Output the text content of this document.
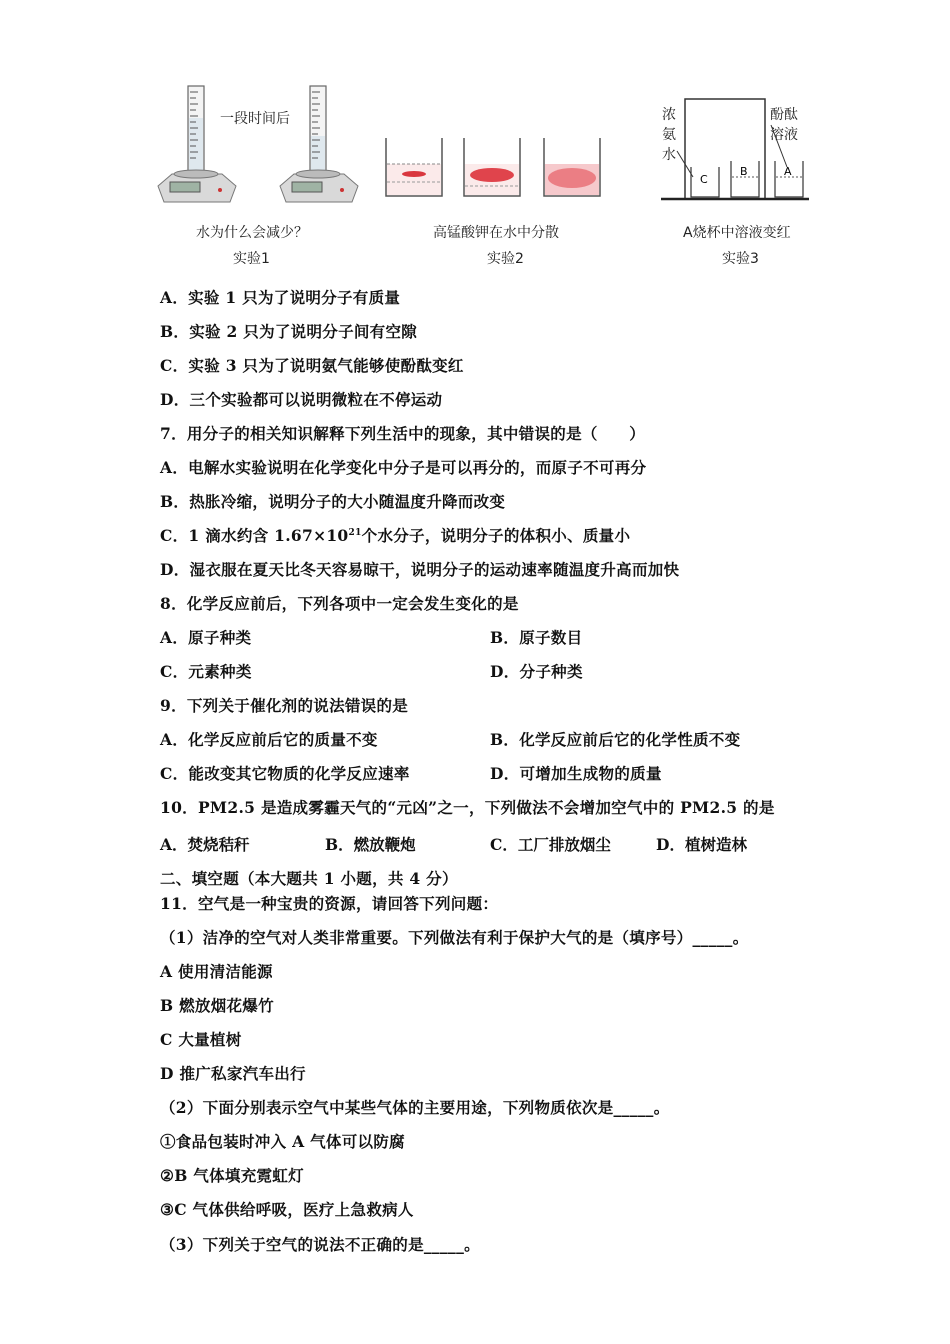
一段时间后
水为什么会减少？
实验1
高锰酸钾在水中分散
实验2
C
B	A
浓
氨
水
酚酞
溶液
A烧杯中溶液变红
实验3
A．实验 1 只为了说明分子有质量
B．实验 2 只为了说明分子间有空隙
C．实验 3 只为了说明氨气能够使酚酞变红
D．三个实验都可以说明微粒在不停运动
7．用分子的相关知识解释下列生活中的现象，其中错误的是（　　）
A．电解水实验说明在化学变化中分子是可以再分的，而原子不可再分
B．热胀冷缩，说明分子的大小随温度升降而改变
C．1 滴水约含 $1.67\times 10^{21}$个水分子，说明分子的体积小、质量小
D．湿衣服在夏天比冬天容易晾干，说明分子的运动速率随温度升高而加快
8．化学反应前后，下列各项中一定会发生变化的是
A．原子种类	B．原子数目
C．元素种类	D．分子种类
9．下列关于催化剂的说法错误的是
A．化学反应前后它的质量不变	B．化学反应前后它的化学性质不变
C．能改变其它物质的化学反应速率	D．可增加生成物的质量
10．PM2.5 是造成雾霾天气的“元凶”之一，下列做法不会增加空气中的 PM2.5 的是
A．焚烧秸秆	B．燃放鞭炮	C．工厂排放烟尘	D．植树造林
二、填空题（本大题共 1 小题，共 4 分）
11．空气是一种宝贵的资源，请回答下列问题：
（1）洁净的空气对人类非常重要。下列做法有利于保护大气的是（填序号）_____。
A 使用清洁能源
B 燃放烟花爆竹
C 大量植树
D 推广私家汽车出行
（2）下面分别表示空气中某些气体的主要用途，下列物质依次是_____。
①食品包装时冲入 A 气体可以防腐
②B 气体填充霓虹灯
③C 气体供给呼吸，医疗上急救病人
（3）下列关于空气的说法不正确的是_____。
